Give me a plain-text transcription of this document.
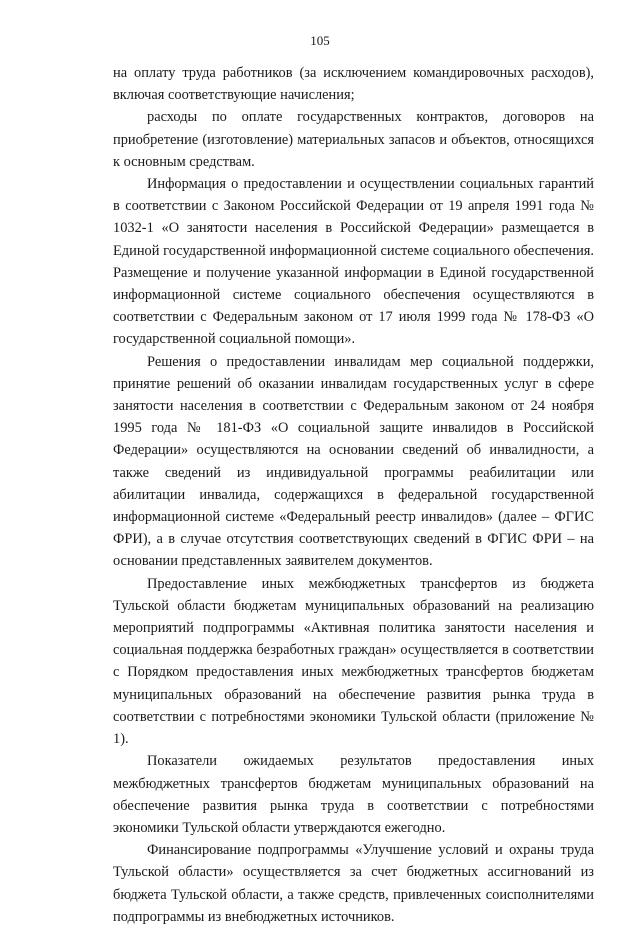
105

на оплату труда работников (за исключением командировочных расходов), включая соответствующие начисления;

расходы по оплате государственных контрактов, договоров на приобретение (изготовление) материальных запасов и объектов, относящихся к основным средствам.

Информация о предоставлении и осуществлении социальных гарантий в соответствии с Законом Российской Федерации от 19 апреля 1991 года № 1032-1 «О занятости населения в Российской Федерации» размещается в Единой государственной информационной системе социального обеспечения. Размещение и получение указанной информации в Единой государственной информационной системе социального обеспечения осуществляются в соответствии с Федеральным законом от 17 июля 1999 года № 178-ФЗ «О государственной социальной помощи».

Решения о предоставлении инвалидам мер социальной поддержки, принятие решений об оказании инвалидам государственных услуг в сфере занятости населения в соответствии с Федеральным законом от 24 ноября 1995 года № 181-ФЗ «О социальной защите инвалидов в Российской Федерации» осуществляются на основании сведений об инвалидности, а также сведений из индивидуальной программы реабилитации или абилитации инвалида, содержащихся в федеральной государственной информационной системе «Федеральный реестр инвалидов» (далее – ФГИС ФРИ), а в случае отсутствия соответствующих сведений в ФГИС ФРИ – на основании представленных заявителем документов.

Предоставление иных межбюджетных трансфертов из бюджета Тульской области бюджетам муниципальных образований на реализацию мероприятий подпрограммы «Активная политика занятости населения и социальная поддержка безработных граждан» осуществляется в соответствии с Порядком предоставления иных межбюджетных трансфертов бюджетам муниципальных образований на обеспечение развития рынка труда в соответствии с потребностями экономики Тульской области (приложение № 1).

Показатели ожидаемых результатов предоставления иных межбюджетных трансфертов бюджетам муниципальных образований на обеспечение развития рынка труда в соответствии с потребностями экономики Тульской области утверждаются ежегодно.

Финансирование подпрограммы «Улучшение условий и охраны труда Тульской области» осуществляется за счет бюджетных ассигнований из бюджета Тульской области, а также средств, привлеченных соисполнителями подпрограммы из внебюджетных источников.
